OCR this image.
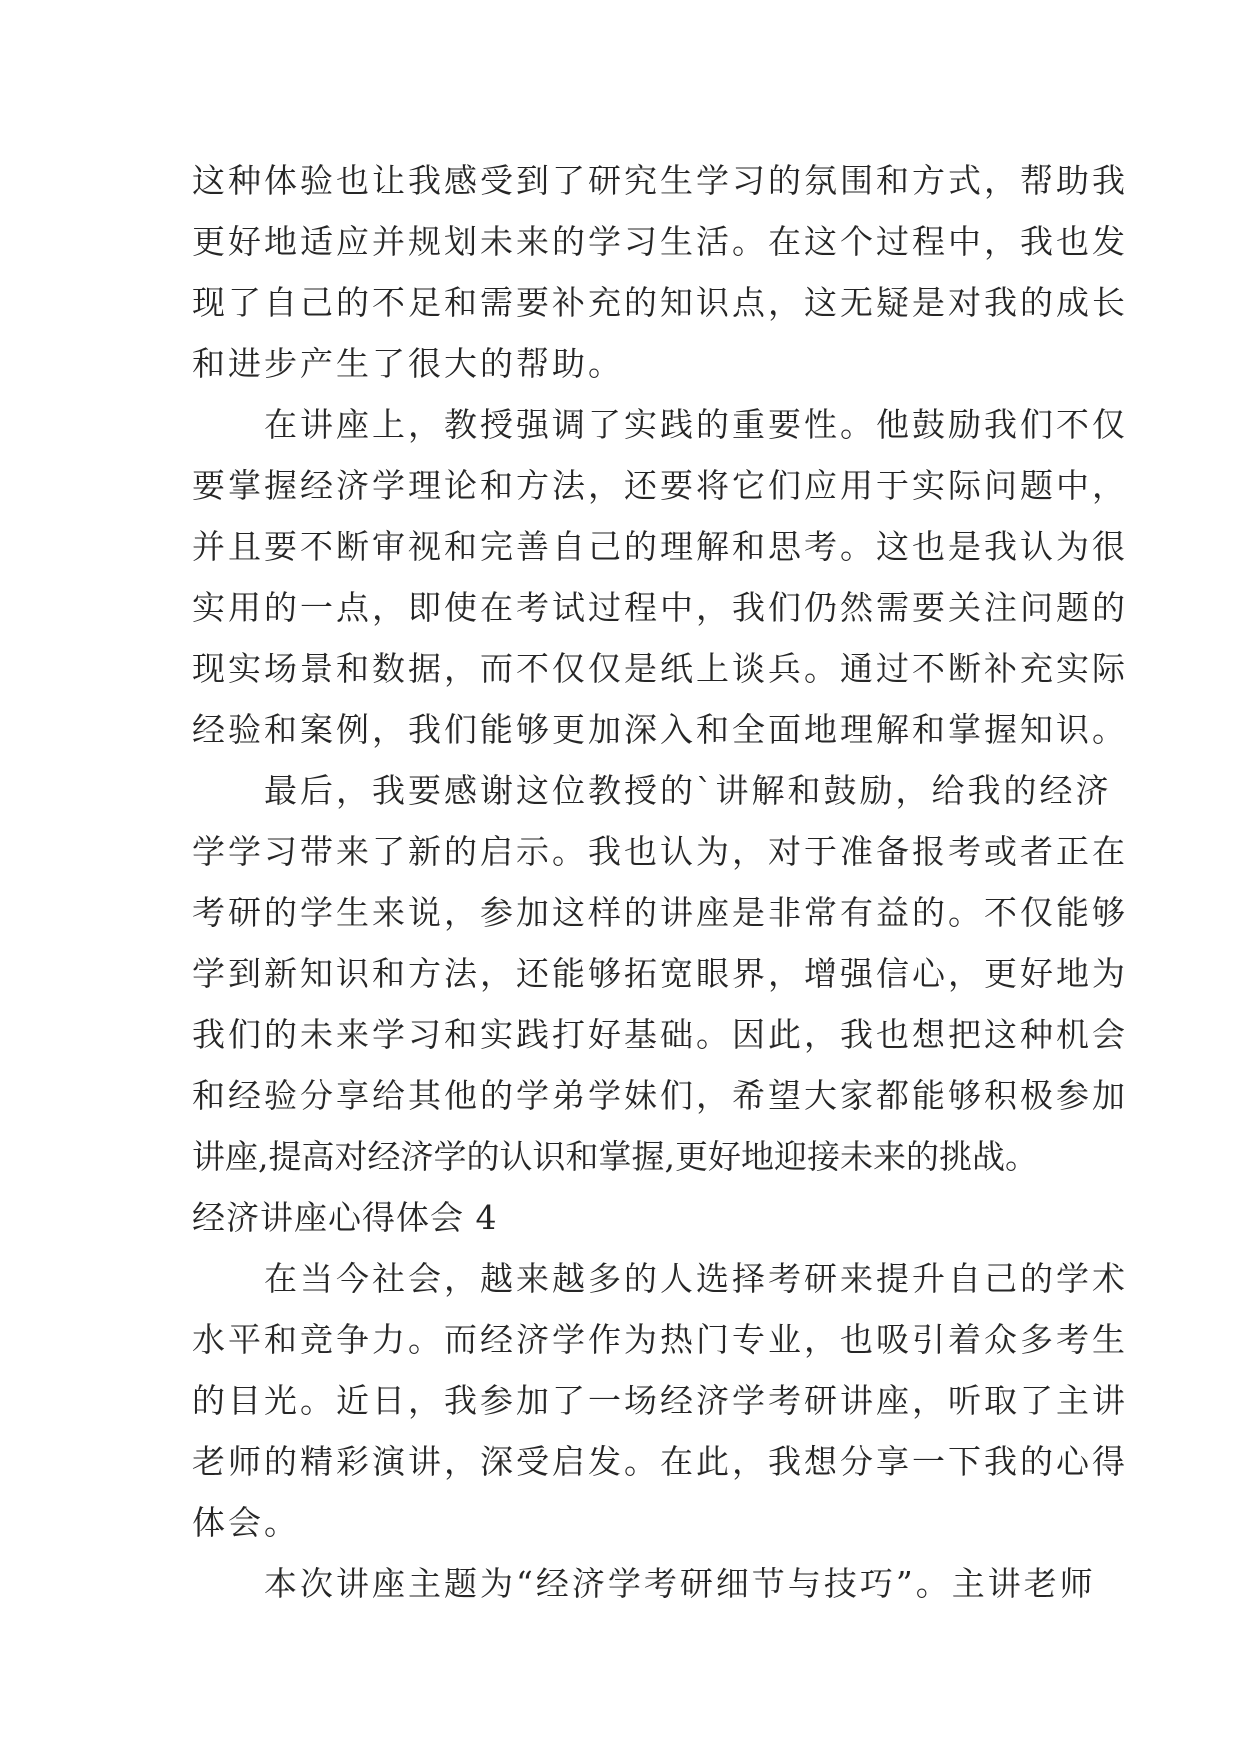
这种体验也让我感受到了研究生学习的氛围和方式，帮助我
更好地适应并规划未来的学习生活。在这个过程中，我也发
现了自己的不足和需要补充的知识点，这无疑是对我的成长
和进步产生了很大的帮助。
　　在讲座上，教授强调了实践的重要性。他鼓励我们不仅
要掌握经济学理论和方法，还要将它们应用于实际问题中，
并且要不断审视和完善自己的理解和思考。这也是我认为很
实用的一点，即使在考试过程中，我们仍然需要关注问题的
现实场景和数据，而不仅仅是纸上谈兵。通过不断补充实际
经验和案例，我们能够更加深入和全面地理解和掌握知识。
　　最后，我要感谢这位教授的`讲解和鼓励，给我的经济
学学习带来了新的启示。我也认为，对于准备报考或者正在
考研的学生来说，参加这样的讲座是非常有益的。不仅能够
学到新知识和方法，还能够拓宽眼界，增强信心，更好地为
我们的未来学习和实践打好基础。因此，我也想把这种机会
和经验分享给其他的学弟学妹们，希望大家都能够积极参加
讲座,提高对经济学的认识和掌握,更好地迎接未来的挑战。
经济讲座心得体会 4
　　在当今社会，越来越多的人选择考研来提升自己的学术
水平和竞争力。而经济学作为热门专业，也吸引着众多考生
的目光。近日，我参加了一场经济学考研讲座，听取了主讲
老师的精彩演讲，深受启发。在此，我想分享一下我的心得
体会。
　　本次讲座主题为“经济学考研细节与技巧”。主讲老师
